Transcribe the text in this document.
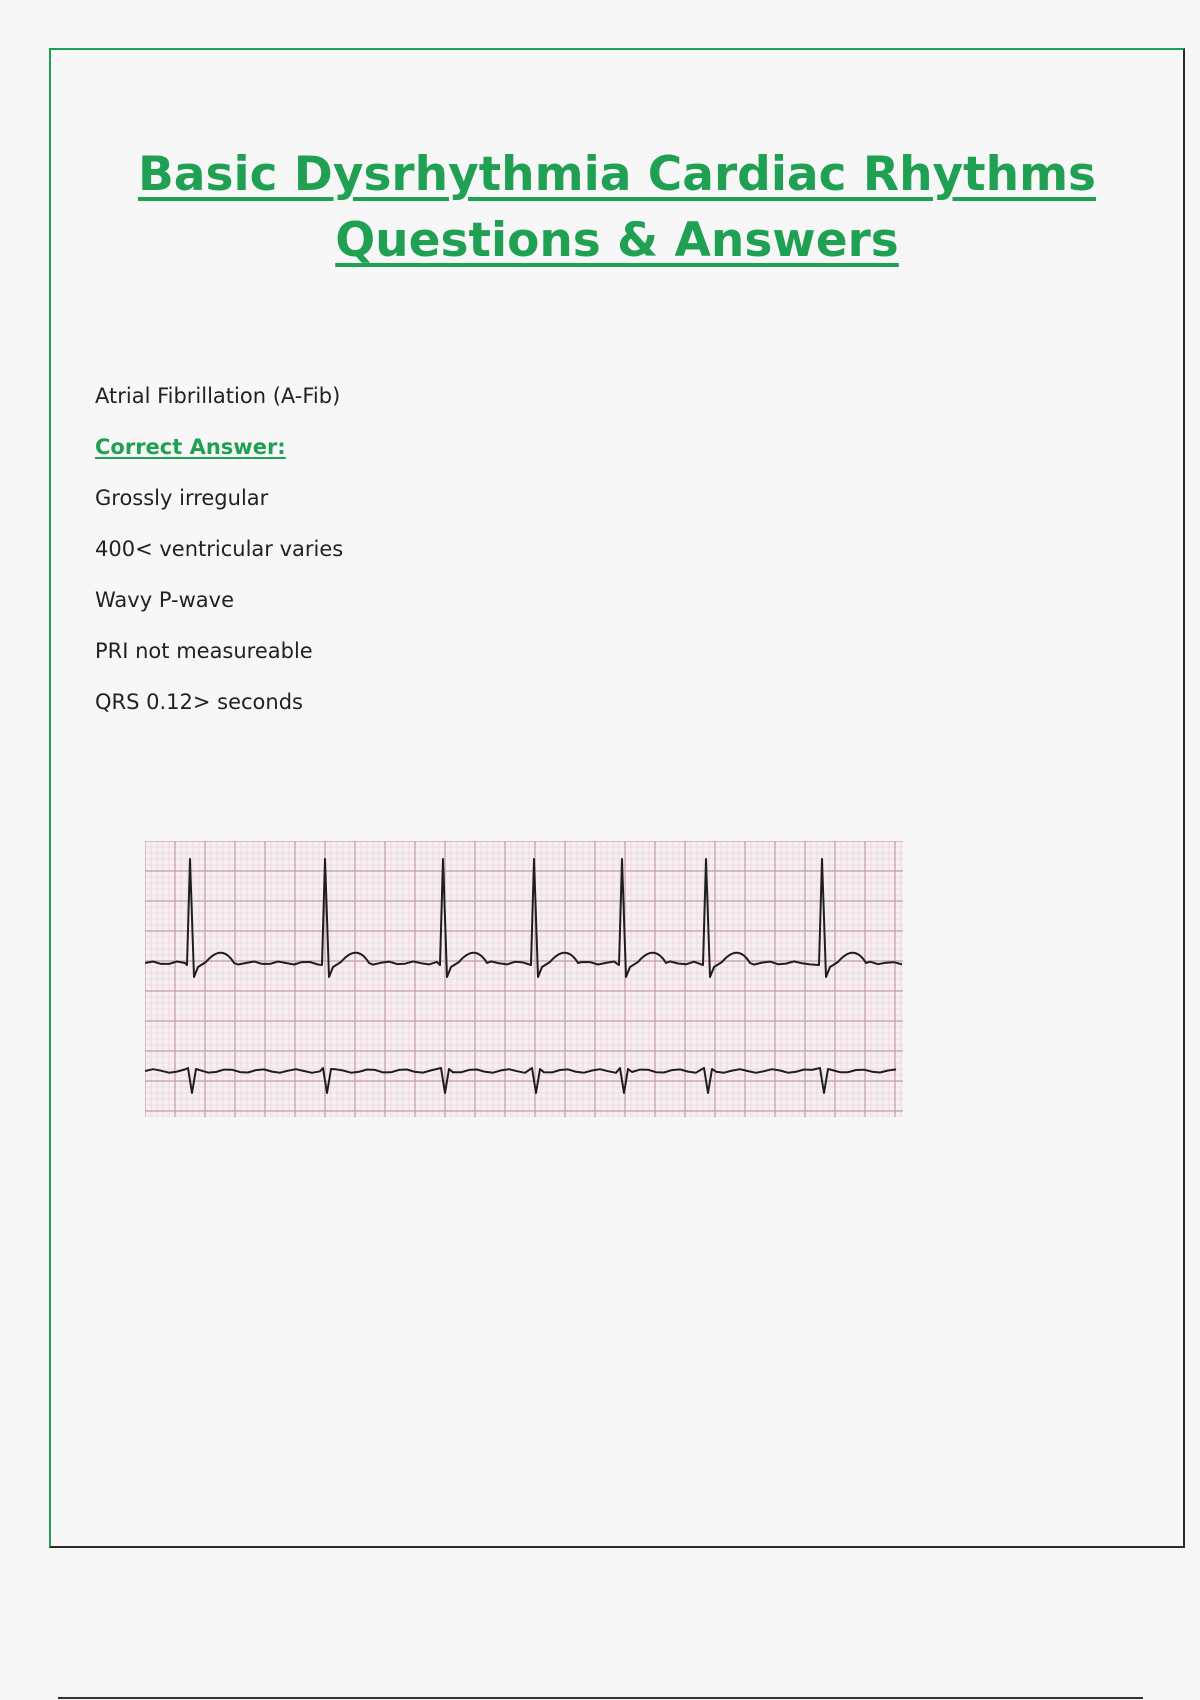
Basic Dysrhythmia Cardiac Rhythms
Questions & Answers
Atrial Fibrillation (A-Fib)
Correct Answer:
Grossly irregular
400< ventricular varies
Wavy P-wave
PRI not measureable
QRS 0.12> seconds
